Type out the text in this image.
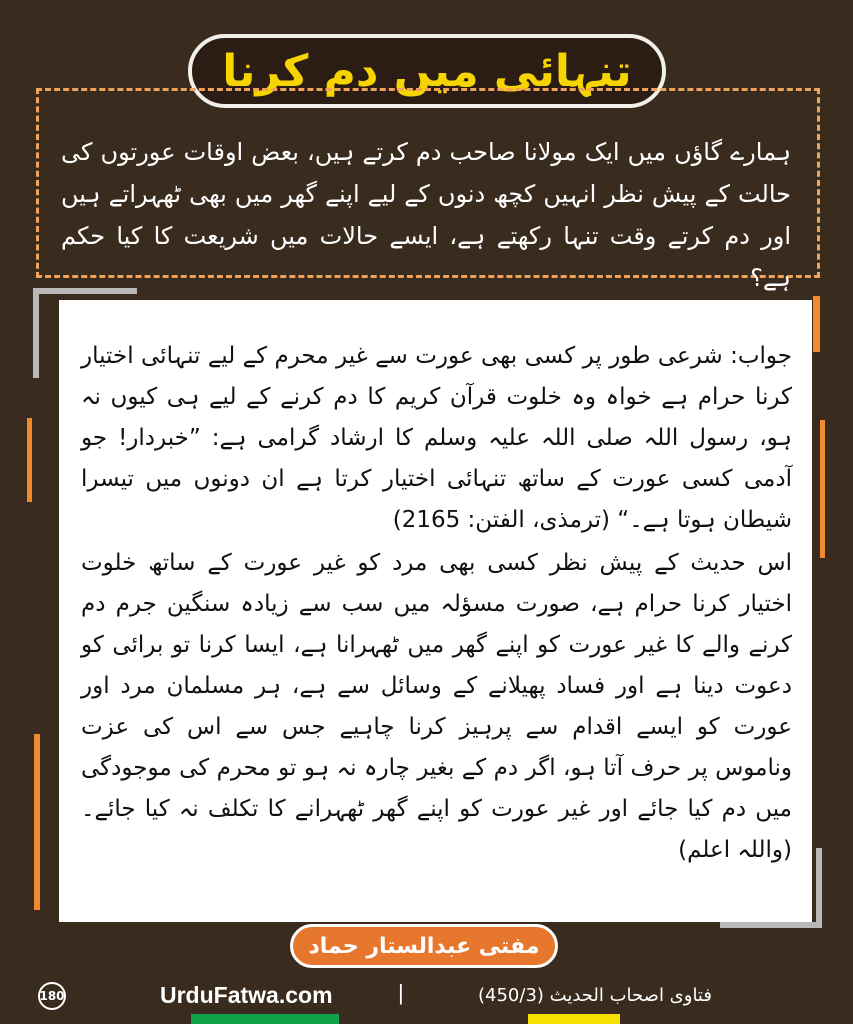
تنہائی میں دم کرنا

ہمارے گاؤں میں ایک مولانا صاحب دم کرتے ہیں، بعض اوقات عورتوں کی حالت کے پیش نظر انہیں کچھ دنوں کے لیے اپنے گھر میں بھی ٹھہراتے ہیں اور دم کرتے وقت تنہا رکھتے ہے، ایسے حالات میں شریعت کا کیا حکم ہے؟

جواب: شرعی طور پر کسی بھی عورت سے غیر محرم کے لیے تنہائی اختیار کرنا حرام ہے خواہ وہ خلوت قرآن کریم کا دم کرنے کے لیے ہی کیوں نہ ہو، رسول اللہ صلی اللہ علیہ وسلم کا ارشاد گرامی ہے: ”خبردار! جو آدمی کسی عورت کے ساتھ تنہائی اختیار کرتا ہے ان دونوں میں تیسرا شیطان ہوتا ہے۔“ (ترمذی، الفتن: 2165)

اس حدیث کے پیش نظر کسی بھی مرد کو غیر عورت کے ساتھ خلوت اختیار کرنا حرام ہے، صورت مسؤلہ میں سب سے زیادہ سنگین جرم دم کرنے والے کا غیر عورت کو اپنے گھر میں ٹھہرانا ہے، ایسا کرنا تو برائی کو دعوت دینا ہے اور فساد پھیلانے کے وسائل سے ہے، ہر مسلمان مرد اور عورت کو ایسے اقدام سے پرہیز کرنا چاہیے جس سے اس کی عزت وناموس پر حرف آتا ہو، اگر دم کے بغیر چارہ نہ ہو تو محرم کی موجودگی میں دم کیا جائے اور غیر عورت کو اپنے گھر ٹھہرانے کا تکلف نہ کیا جائے۔ (واللہ اعلم)

مفتی عبدالستار حماد
180	UrduFatwa.com	|	فتاوی اصحاب الحدیث (450/3)
